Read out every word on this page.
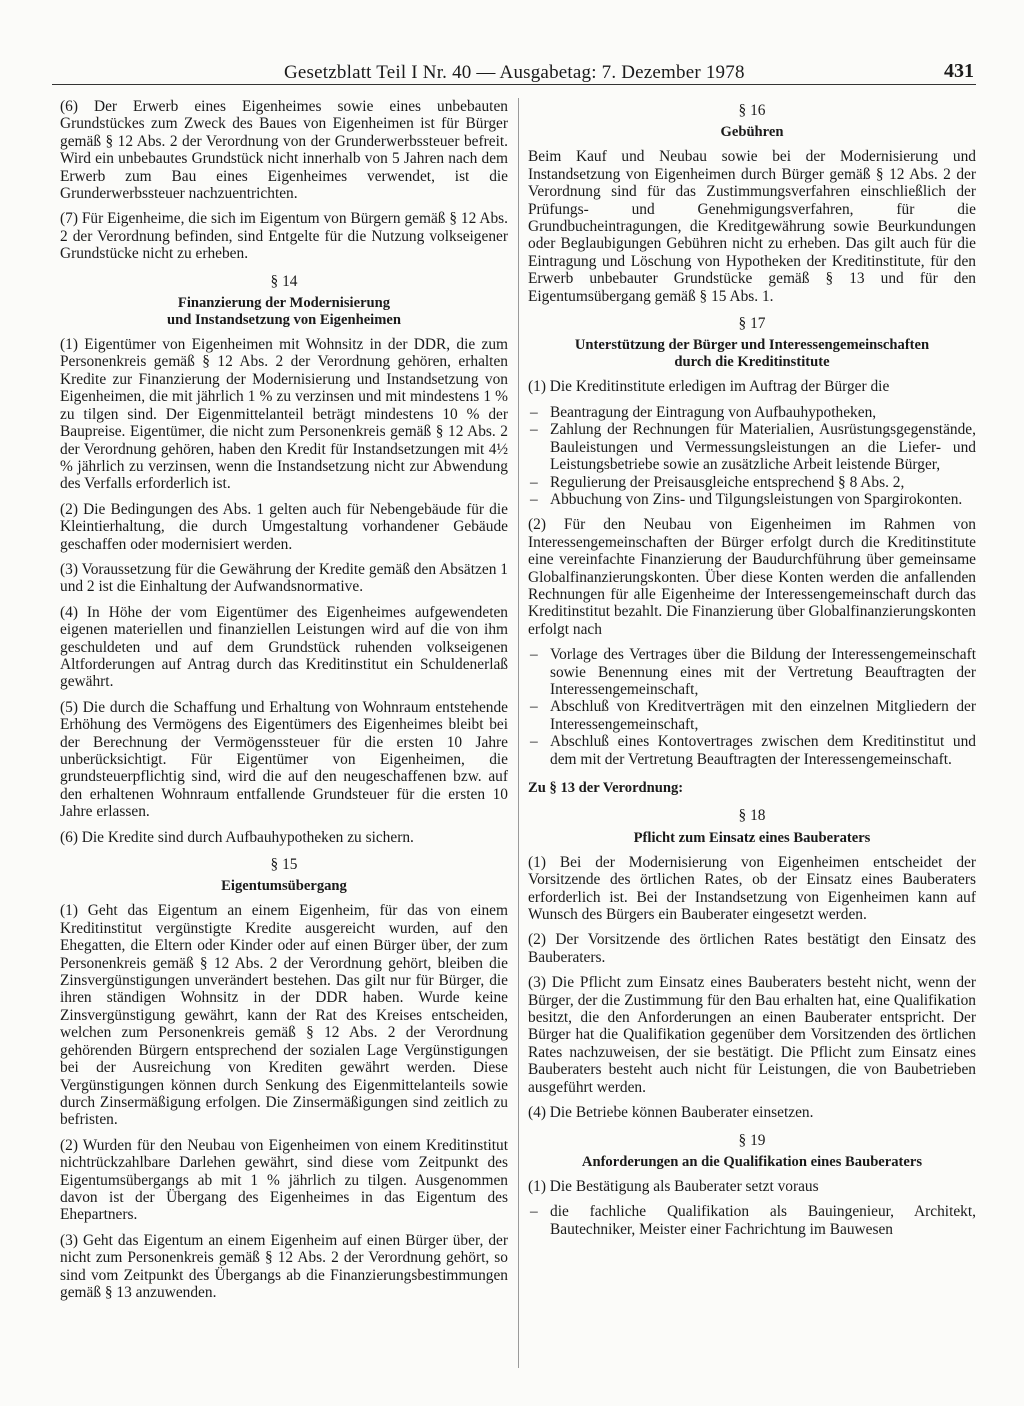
Gesetzblatt Teil I Nr. 40 — Ausgabetag: 7. Dezember 1978	431

(6) Der Erwerb eines Eigenheimes sowie eines unbebauten Grundstückes zum Zweck des Baues von Eigenheimen ist für Bürger gemäß § 12 Abs. 2 der Verordnung von der Grunderwerbssteuer befreit. Wird ein unbebautes Grundstück nicht innerhalb von 5 Jahren nach dem Erwerb zum Bau eines Eigenheimes verwendet, ist die Grunderwerbssteuer nachzuentrichten.

(7) Für Eigenheime, die sich im Eigentum von Bürgern gemäß § 12 Abs. 2 der Verordnung befinden, sind Entgelte für die Nutzung volkseigener Grundstücke nicht zu erheben.

§ 14
Finanzierung der Modernisierung
und Instandsetzung von Eigenheimen

(1) Eigentümer von Eigenheimen mit Wohnsitz in der DDR, die zum Personenkreis gemäß § 12 Abs. 2 der Verordnung gehören, erhalten Kredite zur Finanzierung der Modernisierung und Instandsetzung von Eigenheimen, die mit jährlich 1 % zu verzinsen und mit mindestens 1 % zu tilgen sind. Der Eigenmittelanteil beträgt mindestens 10 % der Baupreise. Eigentümer, die nicht zum Personenkreis gemäß § 12 Abs. 2 der Verordnung gehören, haben den Kredit für Instandsetzungen mit 4½ % jährlich zu verzinsen, wenn die Instandsetzung nicht zur Abwendung des Verfalls erforderlich ist.

(2) Die Bedingungen des Abs. 1 gelten auch für Nebengebäude für die Kleintierhaltung, die durch Umgestaltung vorhandener Gebäude geschaffen oder modernisiert werden.

(3) Voraussetzung für die Gewährung der Kredite gemäß den Absätzen 1 und 2 ist die Einhaltung der Aufwandsnormative.

(4) In Höhe der vom Eigentümer des Eigenheimes aufgewendeten eigenen materiellen und finanziellen Leistungen wird auf die von ihm geschuldeten und auf dem Grundstück ruhenden volkseigenen Altforderungen auf Antrag durch das Kreditinstitut ein Schuldenerlaß gewährt.

(5) Die durch die Schaffung und Erhaltung von Wohnraum entstehende Erhöhung des Vermögens des Eigentümers des Eigenheimes bleibt bei der Berechnung der Vermögenssteuer für die ersten 10 Jahre unberücksichtigt. Für Eigentümer von Eigenheimen, die grundsteuerpflichtig sind, wird die auf den neugeschaffenen bzw. auf den erhaltenen Wohnraum entfallende Grundsteuer für die ersten 10 Jahre erlassen.

(6) Die Kredite sind durch Aufbauhypotheken zu sichern.

§ 15
Eigentumsübergang

(1) Geht das Eigentum an einem Eigenheim, für das von einem Kreditinstitut vergünstigte Kredite ausgereicht wurden, auf den Ehegatten, die Eltern oder Kinder oder auf einen Bürger über, der zum Personenkreis gemäß § 12 Abs. 2 der Verordnung gehört, bleiben die Zinsvergünstigungen unverändert bestehen. Das gilt nur für Bürger, die ihren ständigen Wohnsitz in der DDR haben. Wurde keine Zinsvergünstigung gewährt, kann der Rat des Kreises entscheiden, welchen zum Personenkreis gemäß § 12 Abs. 2 der Verordnung gehörenden Bürgern entsprechend der sozialen Lage Vergünstigungen bei der Ausreichung von Krediten gewährt werden. Diese Vergünstigungen können durch Senkung des Eigenmittelanteils sowie durch Zinsermäßigung erfolgen. Die Zinsermäßigungen sind zeitlich zu befristen.

(2) Wurden für den Neubau von Eigenheimen von einem Kreditinstitut nichtrückzahlbare Darlehen gewährt, sind diese vom Zeitpunkt des Eigentumsübergangs ab mit 1 % jährlich zu tilgen. Ausgenommen davon ist der Übergang des Eigenheimes in das Eigentum des Ehepartners.

(3) Geht das Eigentum an einem Eigenheim auf einen Bürger über, der nicht zum Personenkreis gemäß § 12 Abs. 2 der Verordnung gehört, so sind vom Zeitpunkt des Übergangs ab die Finanzierungsbestimmungen gemäß § 13 anzuwenden.

§ 16
Gebühren

Beim Kauf und Neubau sowie bei der Modernisierung und Instandsetzung von Eigenheimen durch Bürger gemäß § 12 Abs. 2 der Verordnung sind für das Zustimmungsverfahren einschließlich der Prüfungs- und Genehmigungsverfahren, für die Grundbucheintragungen, die Kreditgewährung sowie Beurkundungen oder Beglaubigungen Gebühren nicht zu erheben. Das gilt auch für die Eintragung und Löschung von Hypotheken der Kreditinstitute, für den Erwerb unbebauter Grundstücke gemäß § 13 und für den Eigentumsübergang gemäß § 15 Abs. 1.

§ 17
Unterstützung der Bürger und Interessengemeinschaften
durch die Kreditinstitute

(1) Die Kreditinstitute erledigen im Auftrag der Bürger die

– Beantragung der Eintragung von Aufbauhypotheken,
– Zahlung der Rechnungen für Materialien, Ausrüstungsgegenstände, Bauleistungen und Vermessungsleistungen an die Liefer- und Leistungsbetriebe sowie an zusätzliche Arbeit leistende Bürger,
– Regulierung der Preisausgleiche entsprechend § 8 Abs. 2,
– Abbuchung von Zins- und Tilgungsleistungen von Spargirokonten.

(2) Für den Neubau von Eigenheimen im Rahmen von Interessengemeinschaften der Bürger erfolgt durch die Kreditinstitute eine vereinfachte Finanzierung der Baudurchführung über gemeinsame Globalfinanzierungskonten. Über diese Konten werden die anfallenden Rechnungen für alle Eigenheime der Interessengemeinschaft durch das Kreditinstitut bezahlt. Die Finanzierung über Globalfinanzierungskonten erfolgt nach

– Vorlage des Vertrages über die Bildung der Interessengemeinschaft sowie Benennung eines mit der Vertretung Beauftragten der Interessengemeinschaft,
– Abschluß von Kreditverträgen mit den einzelnen Mitgliedern der Interessengemeinschaft,
– Abschluß eines Kontovertrages zwischen dem Kreditinstitut und dem mit der Vertretung Beauftragten der Interessengemeinschaft.
Zu § 13 der Verordnung:
§ 18
Pflicht zum Einsatz eines Bauberaters

(1) Bei der Modernisierung von Eigenheimen entscheidet der Vorsitzende des örtlichen Rates, ob der Einsatz eines Bauberaters erforderlich ist. Bei der Instandsetzung von Eigenheimen kann auf Wunsch des Bürgers ein Bauberater eingesetzt werden.

(2) Der Vorsitzende des örtlichen Rates bestätigt den Einsatz des Bauberaters.

(3) Die Pflicht zum Einsatz eines Bauberaters besteht nicht, wenn der Bürger, der die Zustimmung für den Bau erhalten hat, eine Qualifikation besitzt, die den Anforderungen an einen Bauberater entspricht. Der Bürger hat die Qualifikation gegenüber dem Vorsitzenden des örtlichen Rates nachzuweisen, der sie bestätigt. Die Pflicht zum Einsatz eines Bauberaters besteht auch nicht für Leistungen, die von Baubetrieben ausgeführt werden.

(4) Die Betriebe können Bauberater einsetzen.

§ 19
Anforderungen an die Qualifikation eines Bauberaters

(1) Die Bestätigung als Bauberater setzt voraus

– die fachliche Qualifikation als Bauingenieur, Architekt, Bautechniker, Meister einer Fachrichtung im Bauwesen
